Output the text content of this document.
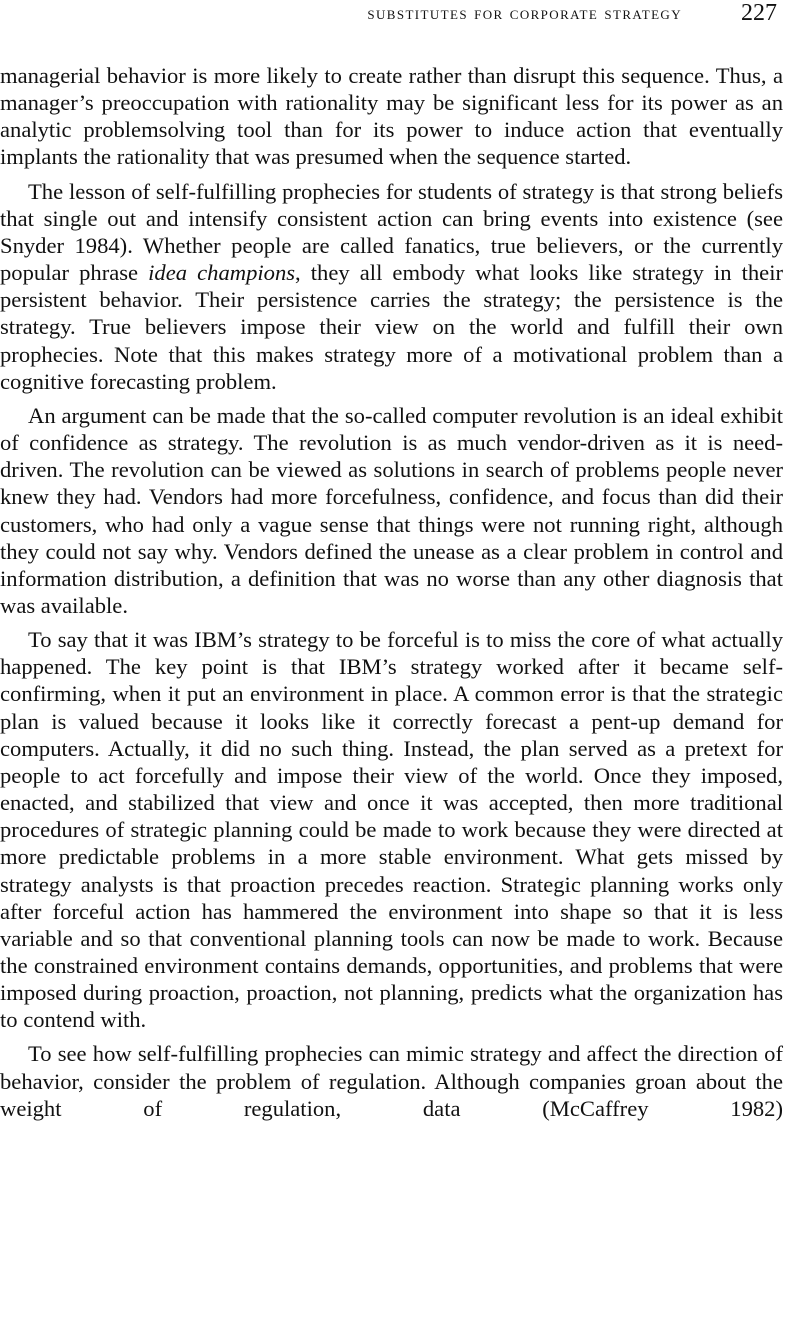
substitutes for corporate strategy 227

managerial behavior is more likely to create rather than disrupt this sequence. Thus, a manager’s preoccupation with rationality may be significant less for its power as an analytic problemsolving tool than for its power to induce action that eventually implants the rationality that was presumed when the sequence started.

The lesson of self-fulfilling prophecies for students of strategy is that strong beliefs that single out and intensify consistent action can bring events into existence (see Snyder 1984). Whether people are called fanatics, true believers, or the currently popular phrase idea champions, they all embody what looks like strategy in their persistent behavior. Their persistence carries the strategy; the persistence is the strategy. True believers impose their view on the world and fulfill their own prophecies. Note that this makes strategy more of a motivational problem than a cognitive forecasting problem.

An argument can be made that the so-called computer revolution is an ideal exhibit of confidence as strategy. The revolution is as much vendor-driven as it is need-driven. The revolution can be viewed as solutions in search of problems people never knew they had. Vendors had more forcefulness, confidence, and focus than did their customers, who had only a vague sense that things were not running right, although they could not say why. Vendors defined the unease as a clear problem in control and information distribution, a definition that was no worse than any other diagnosis that was available.

To say that it was IBM’s strategy to be forceful is to miss the core of what actually happened. The key point is that IBM’s strategy worked after it became self-confirming, when it put an environment in place. A common error is that the strategic plan is valued because it looks like it correctly forecast a pent-up demand for computers. Actually, it did no such thing. Instead, the plan served as a pretext for people to act forcefully and impose their view of the world. Once they imposed, enacted, and stabilized that view and once it was accepted, then more traditional procedures of strategic planning could be made to work because they were directed at more predictable problems in a more stable environment. What gets missed by strategy analysts is that proaction precedes reaction. Strategic planning works only after forceful action has hammered the environment into shape so that it is less variable and so that conventional planning tools can now be made to work. Because the constrained environment contains demands, opportunities, and problems that were imposed during proaction, proaction, not planning, predicts what the organization has to contend with.

To see how self-fulfilling prophecies can mimic strategy and affect the direction of behavior, consider the problem of regulation. Although companies groan about the weight of regulation, data (McCaffrey 1982)
